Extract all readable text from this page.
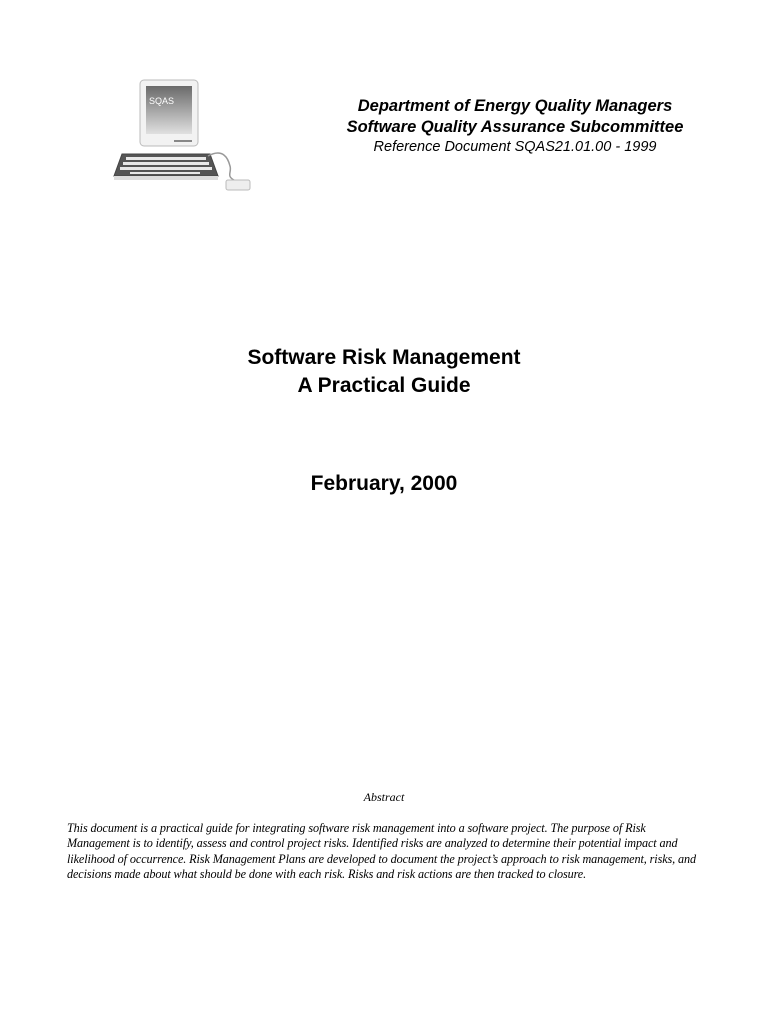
SQAS	Department of Energy Quality Managers
Software Quality Assurance Subcommittee
Reference Document SQAS21.01.00 - 1999
Software Risk Management
A Practical Guide
February, 2000
Abstract
This document is a practical guide for integrating software risk management into a software project. The purpose of Risk Management is to identify, assess and control project risks. Identified risks are analyzed to determine their potential impact and likelihood of occurrence. Risk Management Plans are developed to document the project’s approach to risk management, risks, and decisions made about what should be done with each risk. Risks and risk actions are then tracked to closure.
